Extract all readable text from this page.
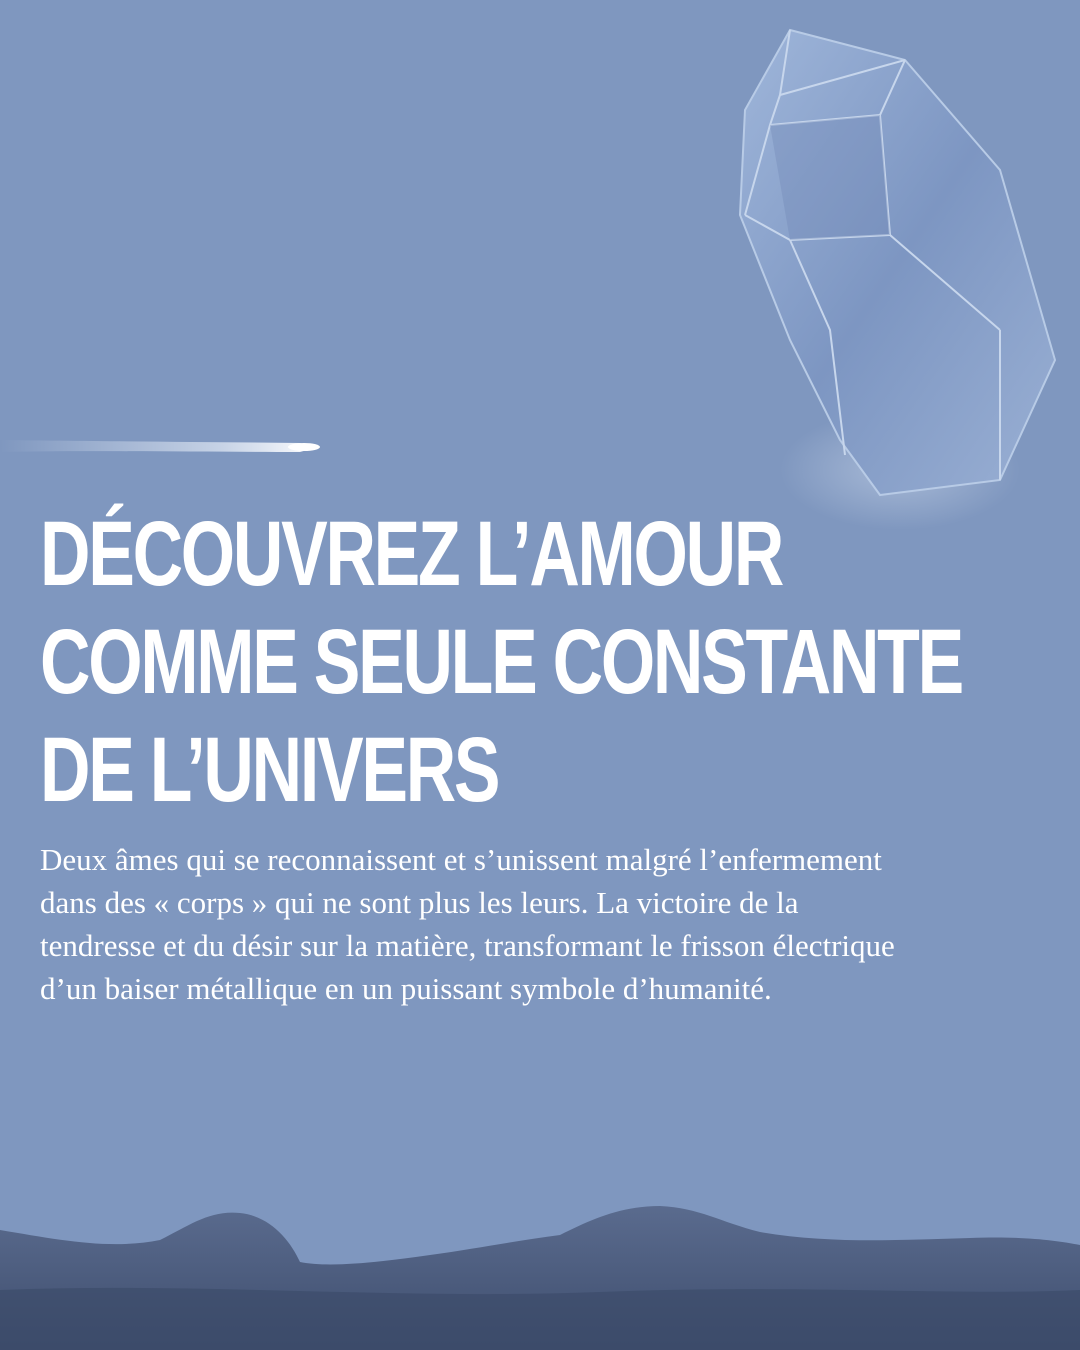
DÉCOUVREZ L’AMOUR
COMME SEULE CONSTANTE
DE L’UNIVERS

Deux âmes qui se reconnaissent et s’unissent malgré l’enfermement
dans des « corps » qui ne sont plus les leurs. La victoire de la
tendresse et du désir sur la matière, transformant le frisson électrique
d’un baiser métallique en un puissant symbole d’humanité.
